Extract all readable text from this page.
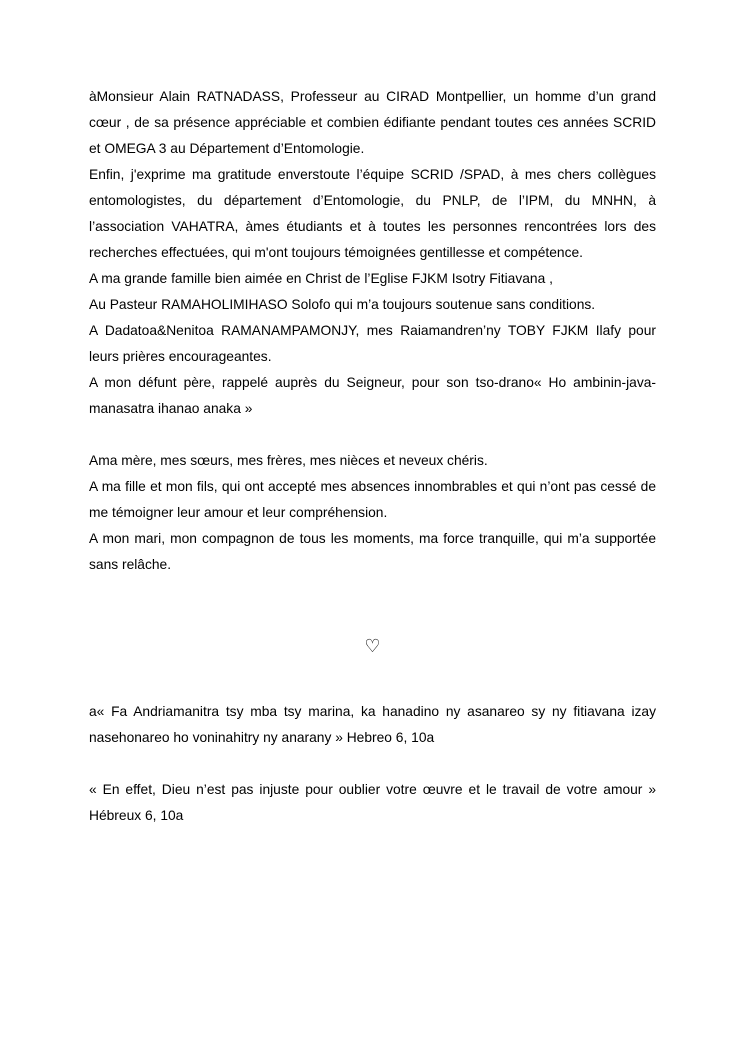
àMonsieur Alain RATNADASS, Professeur au CIRAD Montpellier, un homme d’un grand cœur , de sa présence appréciable et combien édifiante pendant toutes ces années SCRID et OMEGA 3 au Département d’Entomologie.

Enfin, j'exprime ma gratitude enverstoute l’équipe SCRID /SPAD, à mes chers collègues entomologistes, du département d’Entomologie, du PNLP, de l’IPM, du MNHN, à l’association VAHATRA, àmes étudiants et à toutes les personnes rencontrées lors des recherches effectuées, qui m'ont toujours témoignées gentillesse et compétence.

A ma grande famille bien aimée en Christ de l’Eglise FJKM Isotry Fitiavana ,

Au Pasteur RAMAHOLIMIHASO Solofo qui m’a toujours soutenue sans conditions.

A Dadatoa&Nenitoa RAMANAMPAMONJY, mes Raiamandren’ny TOBY FJKM Ilafy pour leurs prières encourageantes.

A mon défunt père, rappelé auprès du Seigneur, pour son tso-drano« Ho ambinin-java-manasatra ihanao anaka »

Ama mère, mes sœurs, mes frères, mes nièces et neveux chéris.

A ma fille et mon fils, qui ont accepté mes absences innombrables et qui n’ont pas cessé de me témoigner leur amour et leur compréhension.

A mon mari, mon compagnon de tous les moments, ma force tranquille, qui m’a supportée sans relâche.

♡

a« Fa Andriamanitra tsy mba tsy marina, ka hanadino ny asanareo sy ny fitiavana izay nasehonareo ho voninahitry ny anarany » Hebreo 6, 10a

« En effet, Dieu n’est pas injuste pour oublier votre œuvre et le travail de votre amour » Hébreux 6, 10a
